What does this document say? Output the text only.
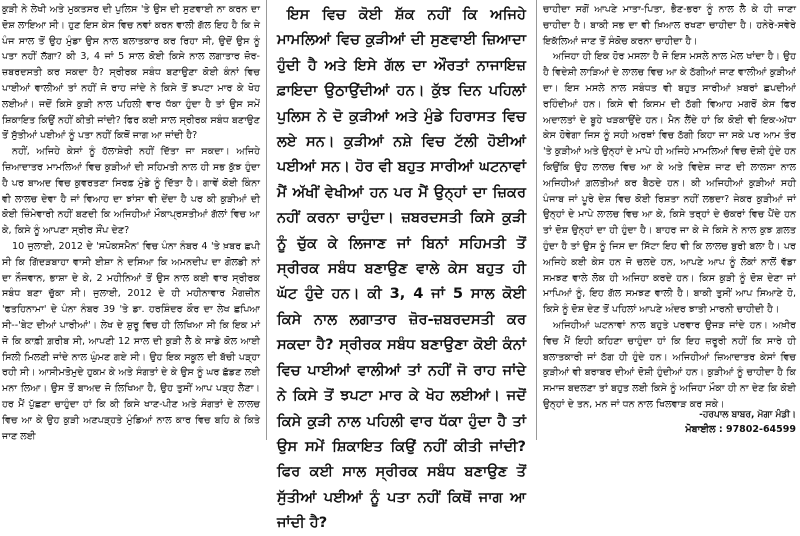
ਕੁੜੀ ਨੇ ਲੇਖੀ ਅਤੇ ਮੁਕਤਸਰ ਦੀ ਪੁਲਿਸ 'ਤੇ ਉਸ ਦੀ ਸੁਣਵਾਈ ਨਾ ਕਰਨ ਦਾ ਦੋਸ਼ ਲਾਇਆ ਸੀ। ਹੁਣ ਇਸ ਕੇਸ ਵਿਚ ਨਵਾਂ ਕਰਨ ਵਾਲੀ ਗੱਲ ਇਹ ਹੈ ਕਿ ਜੇ ਪੰਜ ਸਾਲ ਤੋਂ ਉਹ ਮੁੰਡਾ ਉਸ ਨਾਲ ਬਲਾਤਕਾਰ ਕਰ ਰਿਹਾ ਸੀ, ਉਦੋਂ ਉਸ ਨੂੰ ਪਤਾ ਨਹੀਂ ਲੱਗਾ? ਕੀ 3, 4 ਜਾਂ 5 ਸਾਲ ਕੋਈ ਕਿਸੇ ਨਾਲ ਲਗਾਤਾਰ ਜ਼ੋਰ-ਜ਼ਬਰਦਸਤੀ ਕਰ ਸਕਦਾ ਹੈ? ਸ੍ਰੀਰਕ ਸਬੰਧ ਬਣਾਉਣਾ ਕੋਈ ਕੰਨਾਂ ਵਿਚ ਪਾਈਆਂ ਵਾਲੀਆਂ ਤਾਂ ਨਹੀਂ ਜੋ ਰਾਹ ਜਾਂਦੇ ਨੇ ਕਿਸੇ ਤੋਂ ਝਪਟਾ ਮਾਰ ਕੇ ਖੋਹ ਲਈਆਂ। ਜਦੋਂ ਕਿਸੇ ਕੁੜੀ ਨਾਲ ਪਹਿਲੀ ਵਾਰ ਧੱਕਾ ਹੁੰਦਾ ਹੈ ਤਾਂ ਉਸ ਸਮੇਂ ਸ਼ਿਕਾਇਤ ਕਿਉਂ ਨਹੀਂ ਕੀਤੀ ਜਾਂਦੀ? ਫਿਰ ਕਈ ਸਾਲ ਸ੍ਰੀਰਕ ਸਬੰਧ ਬਣਾਉਣ ਤੋਂ ਸੁੱਤੀਆਂ ਪਈਆਂ ਨੂੰ ਪਤਾ ਨਹੀਂ ਕਿਥੋਂ ਜਾਗ ਆ ਜਾਂਦੀ ਹੈ?

ਨਹੀਂ, ਅਜਿਹੇ ਕੇਸਾਂ ਨੂੰ ਹੱਲਾਸ਼ੇਰੀ ਨਹੀਂ ਦਿੱਤਾ ਜਾ ਸਕਦਾ। ਅਜਿਹੇ ਜ਼ਿਆਦਾਤਰ ਮਾਮਲਿਆਂ ਵਿਚ ਕੁੜੀਆਂ ਦੀ ਸਹਿਮਤੀ ਨਾਲ ਹੀ ਸਭ ਕੁੱਝ ਹੁੰਦਾ ਹੈ ਪਰ ਬਾਅਦ ਵਿਚ ਕੁਵਰਤਣਾ ਸਿਰਫ਼ ਮੁੰਡੇ ਨੂੰ ਦਿੱਤਾ ਹੈ। ਗਾਵੇਂ ਕੋਈ ਕਿੰਨਾ ਵੀ ਲਾਲਚ ਦੇਵਾ ਹੈ ਜਾਂ ਵਿਆਹ ਦਾ ਝਾਂਸਾ ਵੀ ਦੇਂਦਾ ਹੈ ਪਰ ਕੀ ਕੁੜੀਆਂ ਦੀ ਕੋਈ ਜ਼ਿੰਮੇਵਾਰੀ ਨਹੀਂ ਬਣਦੀ ਕਿ ਅਜਿਹੀਆਂ ਮੌਕਾਪ੍ਰਸਤੀਆਂ ਗੱਲਾਂ ਵਿਚ ਆ ਕੇ, ਕਿਸੇ ਨੂੰ ਆਪਣਾ ਸ੍ਰੀਰ ਸੌਂਪ ਦੇਣ?

10 ਜੁਲਾਈ, 2012 ਦੇ 'ਸਪੋਕਸਮੈਨ' ਵਿਚ ਪੰਨਾ ਨੰਬਰ 4 'ਤੇ ਖ਼ਬਰ ਛਪੀ ਸੀ ਕਿ ਗਿੱਦੜਬਾਹਾ ਵਾਸੀ ਈਸ਼ਾ ਨੇ ਦਸਿਆ ਕਿ ਅਮਨਦੀਪ ਦਾ ਗੋਲਡੀ ਨਾਂ ਦਾ ਨੌਜਵਾਨ, ਭਾਸ਼ਾ ਦੇ ਕੇ, 2 ਮਹੀਨਿਆਂ ਤੋਂ ਉਸ ਨਾਲ ਕਈ ਵਾਰ ਸ੍ਰੀਰਕ ਸਬੰਧ ਬਣਾ ਚੁੱਕਾ ਸੀ। ਜੁਲਾਈ, 2012 ਦੇ ਹੀ ਮਹੀਨਾਵਾਰ ਮੈਗਜ਼ੀਨ 'ਫਤਹਿਨਾਮਾ' ਦੇ ਪੰਨਾ ਨੰਬਰ 39 'ਤੇ ਡਾ. ਹਰਸ਼ਿੰਦਰ ਕੌਰ ਦਾ ਲੇਖ ਛਪਿਆ ਸੀ--'ਬੇਟ ਦੀਆਂ ਪਾਰੀਆਂ'। ਲੇਖ ਦੇ ਸ਼ੁਰੂ ਵਿਚ ਹੀ ਲਿਖਿਆ ਸੀ ਕਿ ਇਕ ਮਾਂ ਜੋ ਕਿ ਕਾਫ਼ੀ ਗ਼ਰੀਬ ਸੀ, ਆਪਣੀ 12 ਸਾਲ ਦੀ ਕੁੜੀ ਲੈ ਕੇ ਸਾਡੇ ਕੋਲ ਆਈ ਸਿਲੀ ਮਿਲਣੀ ਜਾਂਦੇ ਨਾਲ ਘੁੰਮਣ ਗਏ ਸੀ। ਉਹ ਇਕ ਸਕੂਲ ਦੀ ਬੱਚੀ ਪੜ੍ਹਾ ਰਹੀ ਸੀ। ਆਸੀਮਤੋਮੁਦੇ ਹੁਕਮ ਕੇ ਅਤੇ ਸੰਗਤਾਂ ਦੇ ਕੇ ਉਸ ਨੂੰ ਘਰ ਛੱਡਣ ਲਈ ਮਨਾ ਲਿਆ। ਉਸ ਤੋਂ ਬਾਅਦ ਜੋ ਲਿਖਿਆ ਹੈ, ਉਹ ਤੁਸੀਂ ਆਪ ਪੜ੍ਹ ਲੈਣਾ। ਹਰ ਮੈਂ ਪੁੱਛਣਾ ਚਾਹੁੰਦਾ ਹਾਂ ਕਿ ਕੀ ਕਿਸੇ ਖਾਣ-ਪੀਣ ਅਤੇ ਸੰਗਤਾਂ ਦੇ ਲਾਲਚ ਵਿਚ ਆ ਕੇ ਉਹ ਕੁੜੀ ਅਣਪੜ੍ਹਤੇ ਮੁੰਡਿਆਂ ਨਾਲ ਕਾਰ ਵਿਚ ਬਹਿ ਕੇ ਕਿਤੇ ਜਾਣ ਲਈ

ਇਸ ਵਿਚ ਕੋਈ ਸ਼ੱਕ ਨਹੀਂ ਕਿ ਅਜਿਹੇ ਮਾਮਲਿਆਂ ਵਿਚ ਕੁੜੀਆਂ ਦੀ ਸੁਣਵਾਈ ਜ਼ਿਆਦਾ ਹੁੰਦੀ ਹੈ ਅਤੇ ਇਸੇ ਗੱਲ ਦਾ ਔਰਤਾਂ ਨਾਜਾਇਜ਼ ਫ਼ਾਇਦਾ ਉਠਾਉਂਦੀਆਂ ਹਨ। ਕੁੱਝ ਦਿਨ ਪਹਿਲਾਂ ਪੁਲਿਸ ਨੇ ਦੋ ਕੁੜੀਆਂ ਅਤੇ ਮੁੰਡੇ ਹਿਰਾਸਤ ਵਿਚ ਲਏ ਸਨ। ਕੁੜੀਆਂ ਨਸ਼ੇ ਵਿਚ ਟੱਲੀ ਹੋਈਆਂ ਪਈਆਂ ਸਨ। ਹੋਰ ਵੀ ਬਹੁਤ ਸਾਰੀਆਂ ਘਟਨਾਵਾਂ ਮੈਂ ਅੱਖੀਂ ਵੇਖੀਆਂ ਹਨ ਪਰ ਮੈਂ ਉਨ੍ਹਾਂ ਦਾ ਜ਼ਿਕਰ ਨਹੀਂ ਕਰਨਾ ਚਾਹੁੰਦਾ। ਜ਼ਬਰਦਸਤੀ ਕਿਸੇ ਕੁੜੀ ਨੂੰ ਚੁੱਕ ਕੇ ਲਿਜਾਣ ਜਾਂ ਬਿਨਾਂ ਸਹਿਮਤੀ ਤੋਂ ਸ੍ਰੀਰਕ ਸਬੰਧ ਬਣਾਉਣ ਵਾਲੇ ਕੇਸ ਬਹੁਤ ਹੀ ਘੱਟ ਹੁੰਦੇ ਹਨ। ਕੀ 3, 4 ਜਾਂ 5 ਸਾਲ ਕੋਈ ਕਿਸੇ ਨਾਲ ਲਗਾਤਾਰ ਜ਼ੋਰ-ਜ਼ਬਰਦਸਤੀ ਕਰ ਸਕਦਾ ਹੈ? ਸ੍ਰੀਰਕ ਸਬੰਧ ਬਣਾਉਣਾ ਕੋਈ ਕੰਨਾਂ ਵਿਚ ਪਾਈਆਂ ਵਾਲੀਆਂ ਤਾਂ ਨਹੀਂ ਜੋ ਰਾਹ ਜਾਂਦੇ ਨੇ ਕਿਸੇ ਤੋਂ ਝਪਟਾ ਮਾਰ ਕੇ ਖੋਹ ਲਈਆਂ। ਜਦੋਂ ਕਿਸੇ ਕੁੜੀ ਨਾਲ ਪਹਿਲੀ ਵਾਰ ਧੱਕਾ ਹੁੰਦਾ ਹੈ ਤਾਂ ਉਸ ਸਮੇਂ ਸ਼ਿਕਾਇਤ ਕਿਉਂ ਨਹੀਂ ਕੀਤੀ ਜਾਂਦੀ? ਫਿਰ ਕਈ ਸਾਲ ਸ੍ਰੀਰਕ ਸਬੰਧ ਬਣਾਉਣ ਤੋਂ ਸੁੱਤੀਆਂ ਪਈਆਂ ਨੂੰ ਪਤਾ ਨਹੀਂ ਕਿਥੋਂ ਜਾਗ ਆ ਜਾਂਦੀ ਹੈ?

ਚਾਹੀਦਾ ਸਗੋਂ ਆਪਣੇ ਮਾਤਾ-ਪਿਤਾ, ਭੈਣ-ਭਰਾ ਨੂੰ ਨਾਲ ਲੈ ਕੇ ਹੀ ਜਾਣਾ ਚਾਹੀਦਾ ਹੈ। ਬਾਕੀ ਸਭ ਦਾ ਵੀ ਖ਼ਿਆਲ ਰਖਣਾ ਚਾਹੀਦਾ ਹੈ। ਹਨੇਰੇ-ਸਵੇਰੇ ਇਕੱਲਿਆਂ ਜਾਣ ਤੋਂ ਸੰਕੋਚ ਕਰਨਾ ਚਾਹੀਦਾ ਹੈ।

ਅਜਿਹਾ ਹੀ ਇਕ ਹੋਰ ਮਸਲਾ ਹੈ ਜੋ ਇਸ ਮਸਲੇ ਨਾਲ ਮੇਲ ਖਾਂਦਾ ਹੈ। ਉਹ ਹੈ ਵਿਦੇਸ਼ੀ ਲਾੜਿਆਂ ਦੇ ਲਾਲਚ ਵਿਚ ਆ ਕੇ ਠੱਗੀਆਂ ਜਾਣ ਵਾਲੀਆਂ ਕੁੜੀਆਂ ਦਾ। ਇਸ ਮਸਲੇ ਨਾਲ ਸਬੰਧਤ ਵੀ ਬਹੁਤ ਸਾਰੀਆਂ ਖ਼ਬਰਾਂ ਛਪਦੀਆਂ ਰਹਿੰਦੀਆਂ ਹਨ। ਕਿਸੇ ਵੀ ਕਿਸਮ ਦੀ ਠੱਗੀ ਵਿਆਹ ਮਗਰੋਂ ਕੇਸ ਫਿਰ ਅਦਾਲਤਾਂ ਦੇ ਬੂਹੇ ਖੜਕਾਉਂਦੇ ਹਨ। ਮੈਨ ਲੈਂਦੇ ਹਾਂ ਕਿ ਕੋਈ ਵੀ ਇਕ-ਅੱਧਾ ਕੇਸ ਹੋਵੇਗਾ ਜਿਸ ਨੂੰ ਸਹੀ ਅਰਥਾਂ ਵਿਚ ਠੱਗੀ ਕਿਹਾ ਜਾ ਸਕੇ ਪਰ ਆਮ ਤੌਰ 'ਤੇ ਕੁੜੀਆਂ ਅਤੇ ਉਨ੍ਹਾਂ ਦੇ ਮਾਪੇ ਹੀ ਅਜਿਹੇ ਮਾਮਲਿਆਂ ਵਿਚ ਦੋਸ਼ੀ ਹੁੰਦੇ ਹਨ ਕਿਉਂਕਿ ਉਹ ਲਾਲਚ ਵਿਚ ਆ ਕੇ ਅਤੇ ਵਿਦੇਸ਼ ਜਾਣ ਦੀ ਲਾਲਸਾ ਨਾਲ ਅਜਿਹੀਆਂ ਗ਼ਲਤੀਆਂ ਕਰ ਬੈਠਦੇ ਹਨ। ਕੀ ਅਜਿਹੀਆਂ ਕੁੜੀਆਂ ਸਹੀ ਪੰਜਾਬ ਜਾਂ ਪੂਰੇ ਦੇਸ਼ ਵਿਚ ਕੋਈ ਰਿਸ਼ਤਾ ਨਹੀਂ ਲਭਦਾ? ਜੇਕਰ ਕੁੜੀਆਂ ਜਾਂ ਉਨ੍ਹਾਂ ਦੇ ਮਾਪੇ ਲਾਲਚ ਵਿਚ ਆ ਕੇ, ਕਿਸੇ ਤਰ੍ਹਾਂ ਦੇ ਚੱਕਰਾਂ ਵਿਚ ਪੈਂਦੇ ਹਨ ਤਾਂ ਦੋਸ਼ ਉਨ੍ਹਾਂ ਦਾ ਹੀ ਹੁੰਦਾ ਹੈ। ਬਾਹਰ ਜਾ ਕੇ ਜੇ ਕਿਸੇ ਨੇ ਨਾਲ ਕੁਝ ਗ਼ਲਤ ਹੁੰਦਾ ਹੈ ਤਾਂ ਉਸ ਨੂੰ ਜਿਸ ਦਾ ਸਿੱਟਾ ਇਹ ਵੀ ਕਿ ਲਾਲਚ ਬੁਰੀ ਬਲਾ ਹੈ। ਪਰ ਅਜਿਹੇ ਕਈ ਕੇਸ ਹਨ ਜੋ ਚਲਦੇ ਹਨ, ਆਪਣੇ ਆਪ ਨੂੰ ਲੋਕਾਂ ਨਾਲੋਂ ਵੱਡਾ ਸਮਝਣ ਵਾਲੇ ਲੋਕ ਹੀ ਅਜਿਹਾ ਕਰਦੇ ਹਨ। ਕਿਸ ਕੁੜੀ ਨੂੰ ਦੋਸ਼ ਦੇਣਾ ਜਾਂ ਮਾਪਿਆਂ ਨੂੰ, ਇਹ ਗੱਲ ਸਮਝਣ ਵਾਲੀ ਹੈ। ਬਾਕੀ ਤੁਸੀਂ ਆਪ ਸਿਆਣੇ ਹੋ, ਕਿਸੇ ਨੂੰ ਦੋਸ਼ ਦੇਣ ਤੋਂ ਪਹਿਲਾਂ ਆਪਣੇ ਅੰਦਰ ਝਾਤੀ ਮਾਰਨੀ ਚਾਹੀਦੀ ਹੈ।

ਅਜਿਹੀਆਂ ਘਟਨਾਵਾਂ ਨਾਲ ਬਹੁਤੇ ਪਰਵਾਰ ਉਜੜ ਜਾਂਦੇ ਹਨ। ਅਖ਼ੀਰ ਵਿਚ ਮੈਂ ਇਹੀ ਕਹਿਣਾ ਚਾਹੁੰਦਾ ਹਾਂ ਕਿ ਇਹ ਜ਼ਰੂਰੀ ਨਹੀਂ ਕਿ ਸਾਰੇ ਹੀ ਬਲਾਤਕਾਰੀ ਜਾਂ ਠੱਗ ਹੀ ਹੁੰਦੇ ਹਨ। ਅਜਿਹੀਆਂ ਜ਼ਿਆਦਾਤਰ ਕੇਸਾਂ ਵਿਚ ਕੁੜੀਆਂ ਵੀ ਬਰਾਬਰ ਦੀਆਂ ਦੋਸ਼ੀ ਹੁੰਦੀਆਂ ਹਨ। ਕੁੜੀਆਂ ਨੂੰ ਚਾਹੀਦਾ ਹੈ ਕਿ ਸਮਾਜ ਬਦਲਣਾ ਤਾਂ ਬਹੁਤ ਲਈ ਕਿਸੇ ਨੂੰ ਅਜਿਹਾ ਮੌਕਾ ਹੀ ਨਾ ਦੇਣ ਕਿ ਕੋਈ ਉਨ੍ਹਾਂ ਦੇ ਤਨ, ਮਨ ਜਾਂ ਧਨ ਨਾਲ ਖਿਲਵਾੜ ਕਰ ਸਕੇ।

-ਹਰਪਾਲ ਬਾਬਰ, ਮੋਗਾ ਮੰਡੀ।
ਮੋਬਾਈਲ : 97802-64599
